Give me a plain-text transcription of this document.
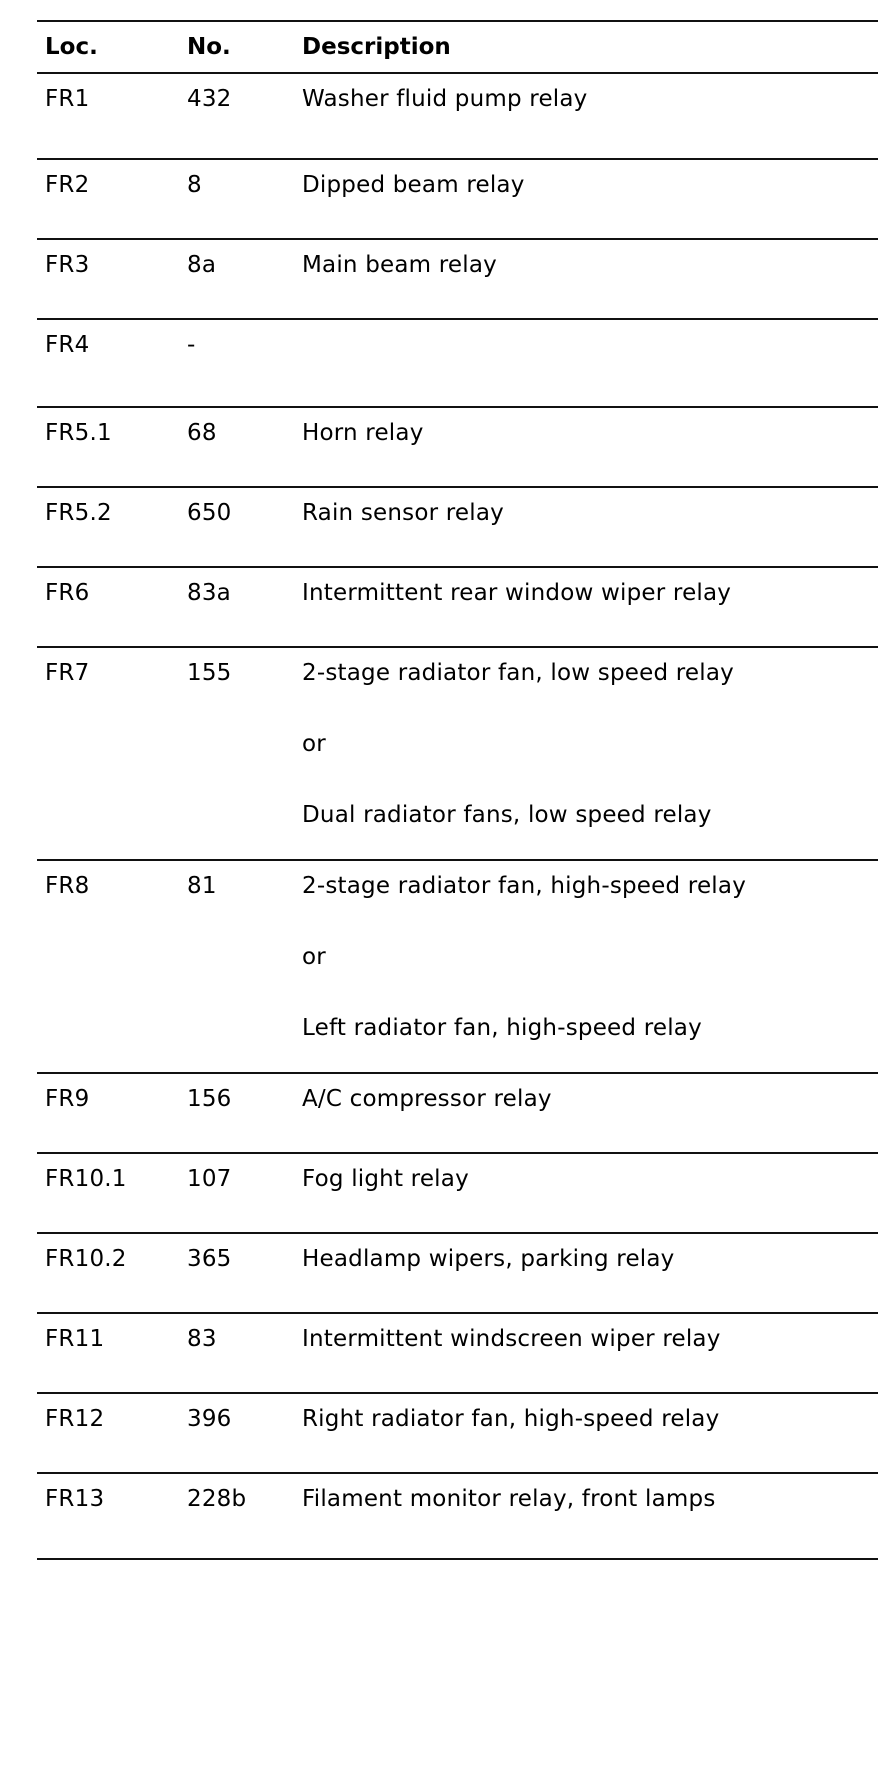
Loc.	No.	Description
FR1	432	Washer fluid pump relay
FR2	8	Dipped beam relay
FR3	8a	Main beam relay
FR4	-
FR5.1	68	Horn relay
FR5.2	650	Rain sensor relay
FR6	83a	Intermittent rear window wiper relay
FR7	155	2-stage radiator fan, low speed relay
or
Dual radiator fans, low speed relay
FR8	81	2-stage radiator fan, high-speed relay
or
Left radiator fan, high-speed relay
FR9	156	A/C compressor relay
FR10.1	107	Fog light relay
FR10.2	365	Headlamp wipers, parking relay
FR11	83	Intermittent windscreen wiper relay
FR12	396	Right radiator fan, high-speed relay
FR13	228b	Filament monitor relay, front lamps
